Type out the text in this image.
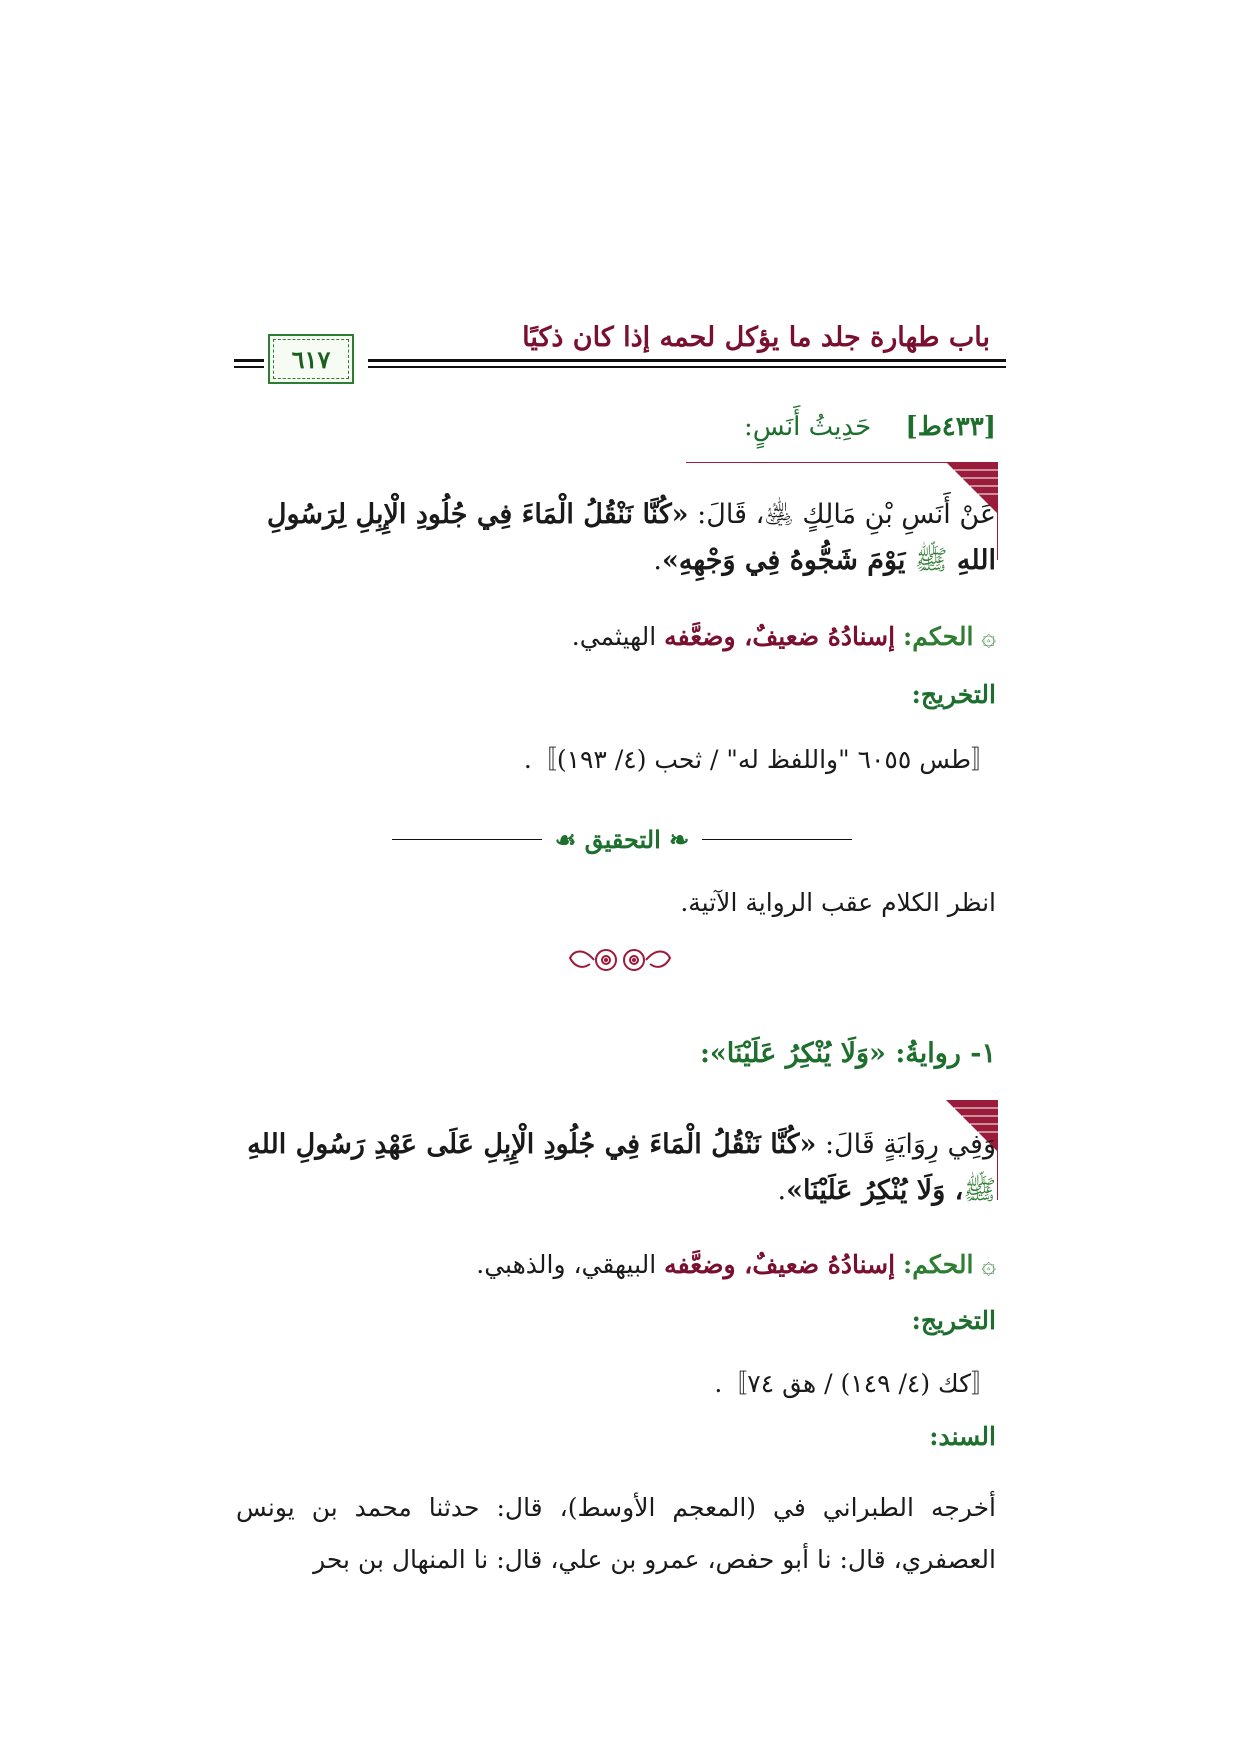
باب طهارة جلد ما يؤكل لحمه إذا كان ذكيًا
٦١٧
[٤٣٣ط] حَدِيثُ أَنَسٍ:
عَنْ أَنَسِ بْنِ مَالِكٍ ﵁، قَالَ: «كُنَّا نَنْقُلُ الْمَاءَ فِي جُلُودِ الْإِبِلِ لِرَسُولِ اللهِ ﷺ يَوْمَ شَجُّوهُ فِي وَجْهِهِ».
۞ الحكم: إسنادُهُ ضعيفٌ، وضعَّفه الهيثمي.
التخريج:
〚طس ٦٠٥٥ "واللفظ له" / ثحب (٤/ ١٩٣)〛.
❧ التحقيق ☙
انظر الكلام عقب الرواية الآتية.
١- روايةُ: «وَلَا يُنْكِرُ عَلَيْنَا»:
وَفِي رِوَايَةٍ قَالَ: «كُنَّا نَنْقُلُ الْمَاءَ فِي جُلُودِ الْإِبِلِ عَلَى عَهْدِ رَسُولِ اللهِ ﷺ، وَلَا يُنْكِرُ عَلَيْنَا».
۞ الحكم: إسنادُهُ ضعيفٌ، وضعَّفه البيهقي، والذهبي.
التخريج:
〚كك (٤/ ١٤٩) / هق ٧٤〛.
السند:
أخرجه الطبراني في (المعجم الأوسط)، قال: حدثنا محمد بن يونس العصفري، قال: نا أبو حفص، عمرو بن علي، قال: نا المنهال بن بحر
